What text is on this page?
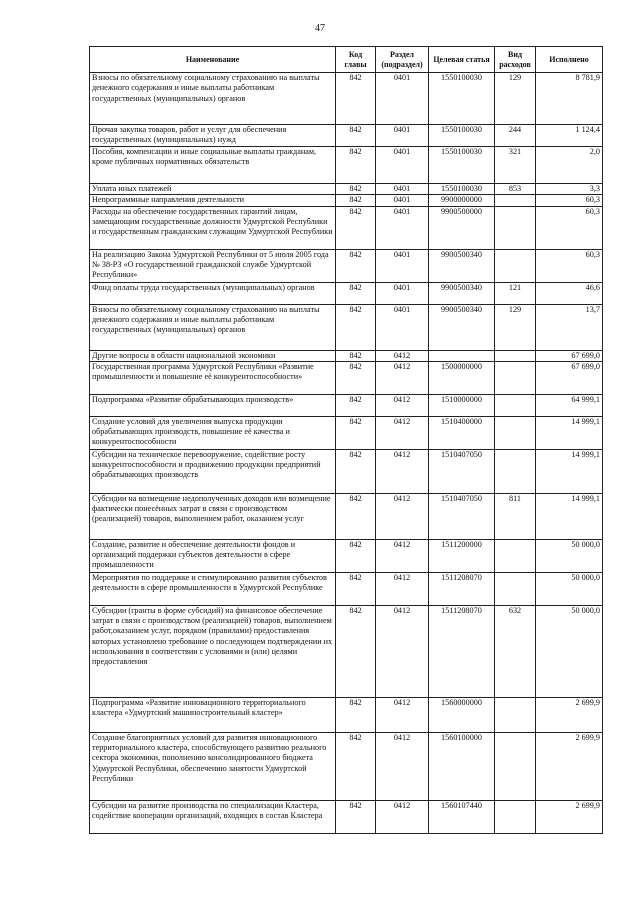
47
Наименование	Код главы	Раздел (подраздел)	Целевая статья	Вид расходов	Исполнено
Взносы по обязательному социальному страхованию на выплаты денежного содержания и иные выплаты работникам государственных (муниципальных) органов	842	0401	1550100030	129	8 781,9
Прочая закупка товаров, работ и услуг для обеспечения государственных (муниципальных) нужд	842	0401	1550100030	244	1 124,4
Пособия, компенсации и иные социальные выплаты гражданам, кроме публичных нормативных обязательств	842	0401	1550100030	321	2,0
Уплата иных платежей	842	0401	1550100030	853	3,3
Непрограммные направления деятельности	842	0401	9900000000		60,3
Расходы на обеспечение государственных гарантий лицам, замещающим государственные должности Удмуртской Республики и государственным гражданским служащим Удмуртской Республики	842	0401	9900500000		60,3
На реализацию Закона Удмуртской Республики от 5 июля 2005 года № 38-РЗ «О государственной гражданской службе Удмуртской Республики»	842	0401	9900500340		60,3
Фонд оплаты труда государственных (муниципальных) органов	842	0401	9900500340	121	46,6
Взносы по обязательному социальному страхованию на выплаты денежного содержания и иные выплаты работникам государственных (муниципальных) органов	842	0401	9900500340	129	13,7
Другие вопросы в области национальной экономики	842	0412			67 699,0
Государственная программа Удмуртской Республики «Развитие промышленности и повышение её конкурентоспособности»	842	0412	1500000000		67 699,0
Подпрограмма «Развитие обрабатывающих производств»	842	0412	1510000000		64 999,1
Создание условий для увеличения выпуска продукции обрабатывающих производств, повышение её качества и конкурентоспособности	842	0412	1510400000		14 999,1
Субсидии на техническое перевооружение, содействие росту конкурентоспособности и продвижению продукции предприятий обрабатывающих производств	842	0412	1510407050		14 999,1
Субсидии на возмещение недополученных доходов или возмещение фактически понесённых затрат в связи с производством (реализацией) товаров, выполнением работ, оказанием услуг	842	0412	1510407050	811	14 999,1
Создание, развитие и обеспечение деятельности фондов и организаций поддержки субъектов деятельности в сфере промышленности	842	0412	1511200000		50 000,0
Мероприятия по поддержке и стимулированию развития субъектов деятельности в сфере промышленности в Удмуртской Республике	842	0412	1511208070		50 000,0
Субсидии (гранты в форме субсидий) на финансовое обеспечение затрат в связи с производством (реализацией) товаров, выполнением работ,оказанием услуг, порядком (правилами) предоставления которых установлено требование о последующем подтверждении их использования в соответствии с условиями и (или) целями предоставления	842	0412	1511208070	632	50 000,0
Подпрограмма «Развитие инновационного территориального кластера «Удмуртский машиностроительный кластер»	842	0412	1560000000		2 699,9
Создание благоприятных условий для развития инновационного территориального кластера, способствующего развитию реального сектора экономики, пополнению консолидированного бюджета Удмуртской Республики, обеспечению занятости Удмуртской Республики	842	0412	1560100000		2 699,9
Субсидии на развитие производства по специализации Кластера, содействие кооперации организаций, входящих в состав Кластера	842	0412	1560107440		2 699,9
